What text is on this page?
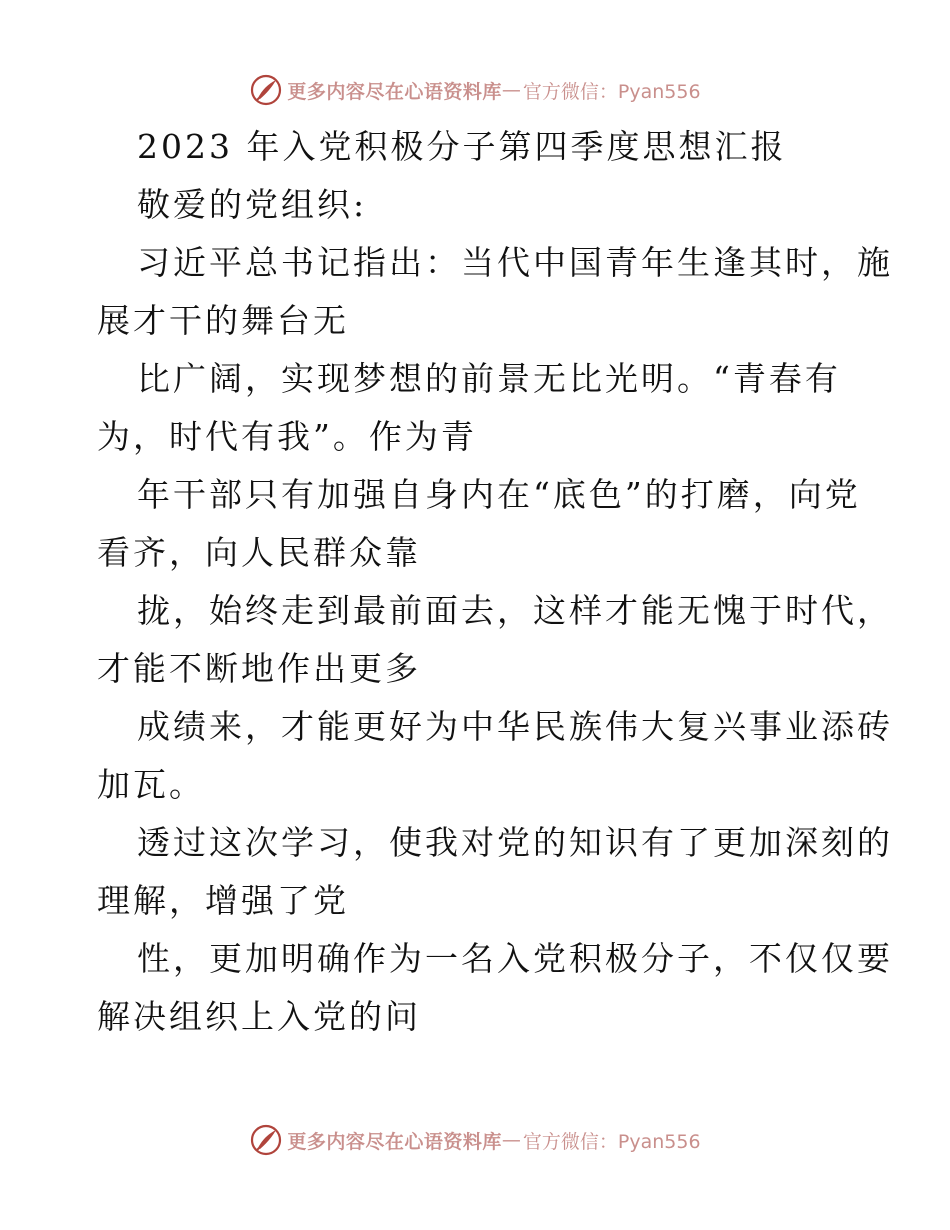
更多内容尽在心语资料库 — 官方微信：Pyan556
2023 年入党积极分子第四季度思想汇报
敬爱的党组织:
习近平总书记指出：当代中国青年生逢其时，施
展才干的舞台无
比广阔，实现梦想的前景无比光明。“青春有
为，时代有我”。作为青
年干部只有加强自身内在“底色”的打磨，向党
看齐，向人民群众靠
拢，始终走到最前面去，这样才能无愧于时代，
才能不断地作出更多
成绩来，才能更好为中华民族伟大复兴事业添砖
加瓦。
透过这次学习，使我对党的知识有了更加深刻的
理解，增强了党
性，更加明确作为一名入党积极分子，不仅仅要
解决组织上入党的问
更多内容尽在心语资料库 — 官方微信：Pyan556
